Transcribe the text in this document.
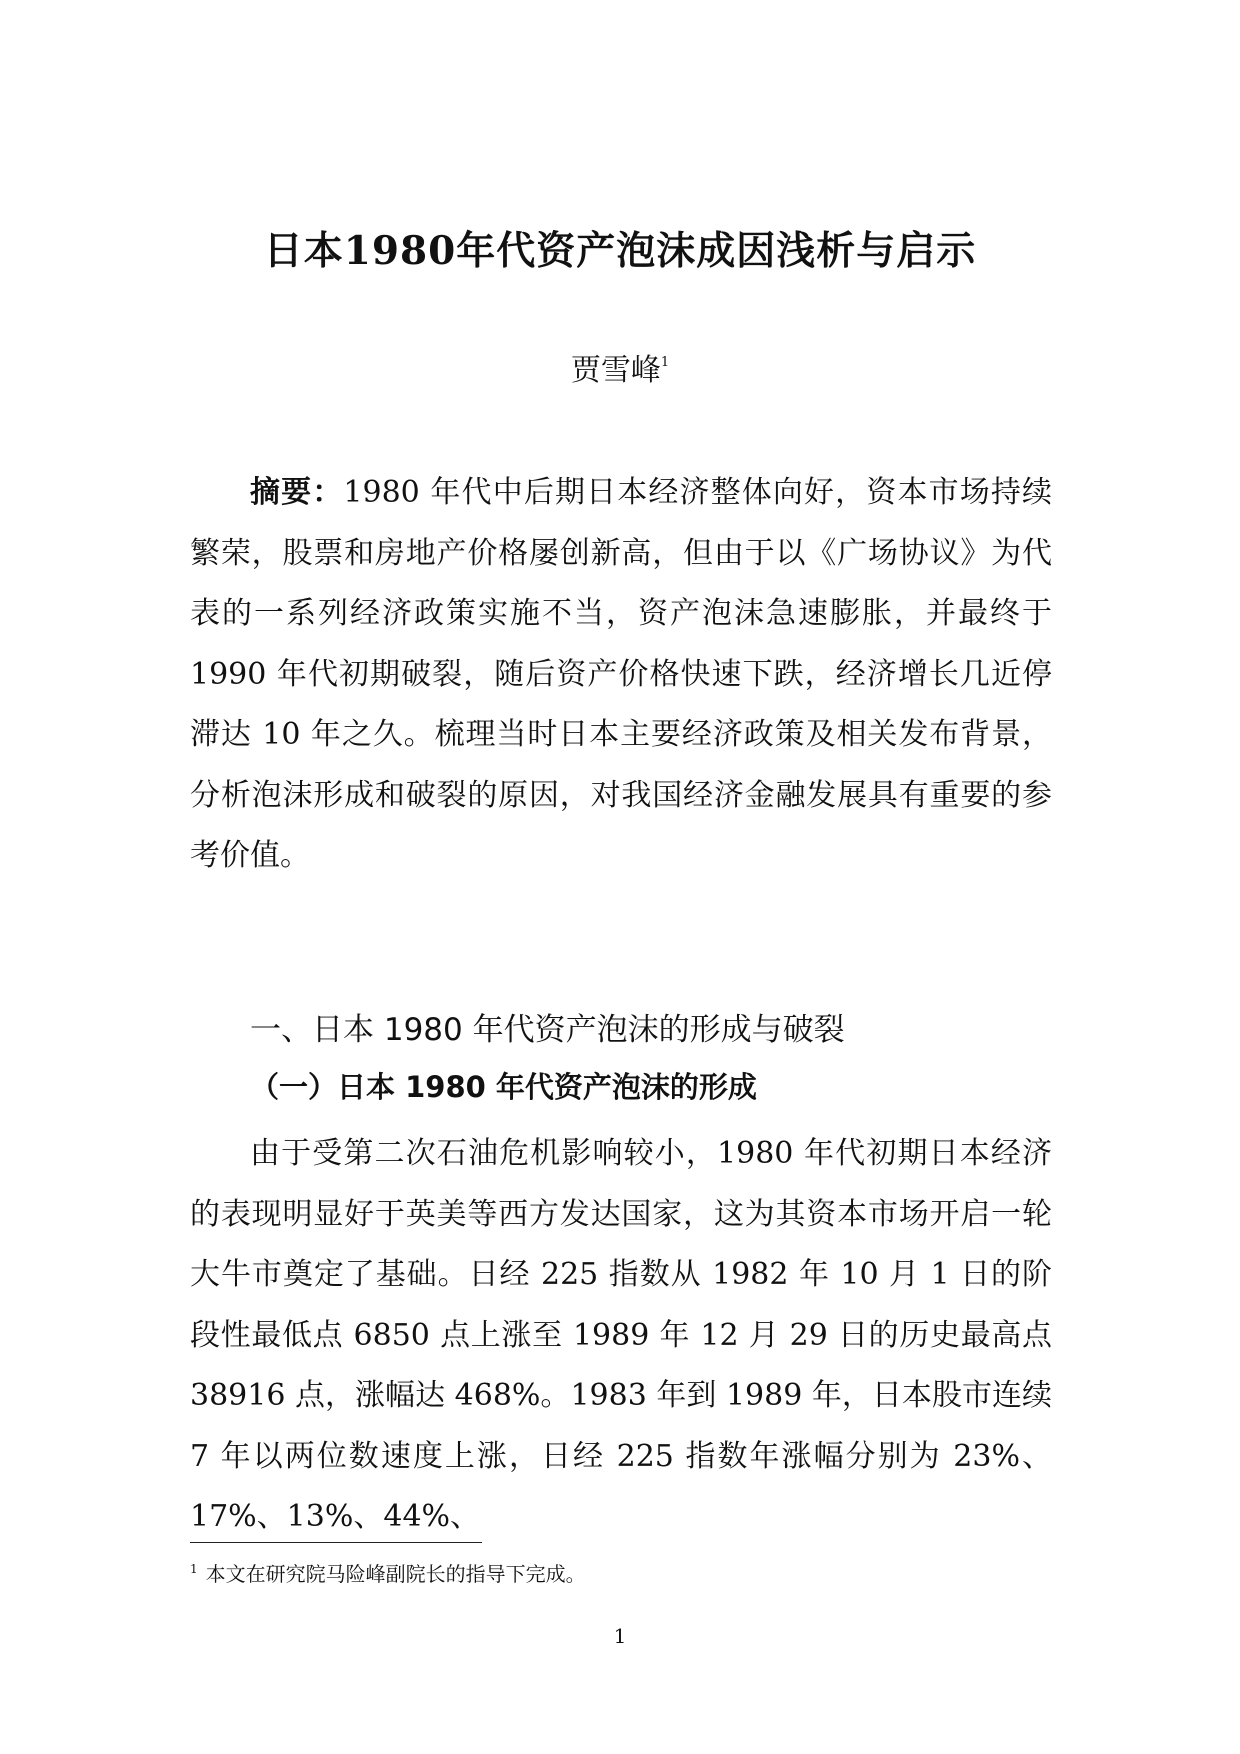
日本1980年代资产泡沫成因浅析与启示
贾雪峰$^1$
摘要：1980 年代中后期日本经济整体向好，资本市场持续繁荣，股票和房地产价格屡创新高，但由于以《广场协议》为代表的一系列经济政策实施不当，资产泡沫急速膨胀，并最终于1990 年代初期破裂，随后资产价格快速下跌，经济增长几近停滞达 10 年之久。梳理当时日本主要经济政策及相关发布背景，分析泡沫形成和破裂的原因，对我国经济金融发展具有重要的参考价值。
一、日本 1980 年代资产泡沫的形成与破裂
（一）日本 1980 年代资产泡沫的形成
由于受第二次石油危机影响较小，1980 年代初期日本经济的表现明显好于英美等西方发达国家，这为其资本市场开启一轮大牛市奠定了基础。日经 225 指数从 1982 年 10 月 1 日的阶段性最低点 6850 点上涨至 1989 年 12 月 29 日的历史最高点 38916 点，涨幅达 468%。1983 年到 1989 年，日本股市连续 7 年以两位数速度上涨，日经 225 指数年涨幅分别为 23%、17%、13%、44%、
$^1$ 本文在研究院马险峰副院长的指导下完成。
1
